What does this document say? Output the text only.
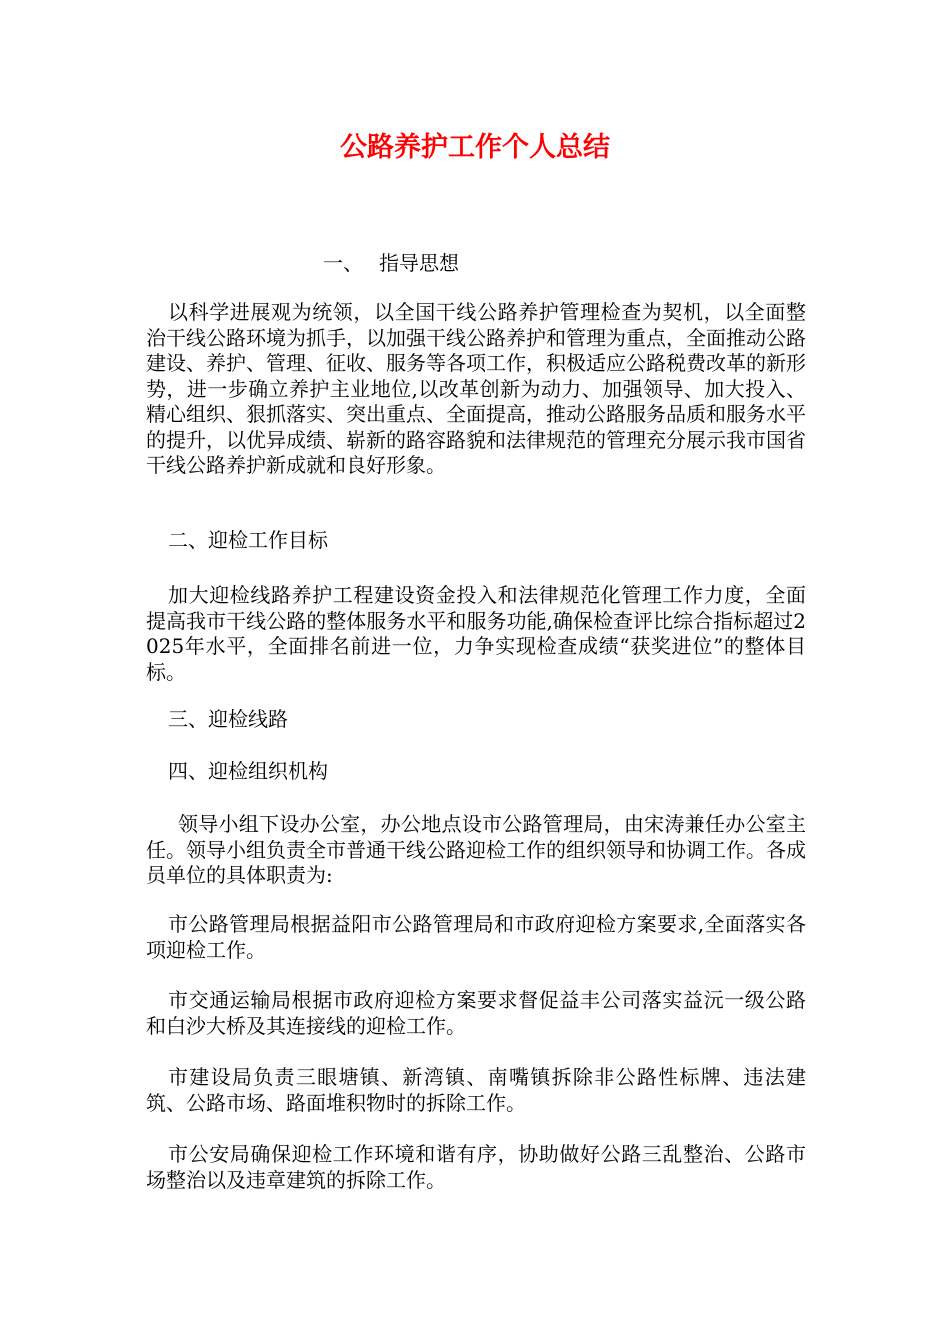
公路养护工作个人总结
一、 指导思想

以科学进展观为统领，以全国干线公路养护管理检查为契机，以全面整治干线公路环境为抓手，以加强干线公路养护和管理为重点，全面推动公路建设、养护、管理、征收、服务等各项工作，积极适应公路税费改革的新形势，进一步确立养护主业地位,以改革创新为动力、加强领导、加大投入、精心组织、狠抓落实、突出重点、全面提高，推动公路服务品质和服务水平的提升，以优异成绩、崭新的路容路貌和法律规范的管理充分展示我市国省干线公路养护新成就和良好形象。

二、迎检工作目标

加大迎检线路养护工程建设资金投入和法律规范化管理工作力度，全面提高我市干线公路的整体服务水平和服务功能,确保检查评比综合指标超过2025年水平，全面排名前进一位，力争实现检查成绩“获奖进位”的整体目标。

三、迎检线路

四、迎检组织机构

领导小组下设办公室，办公地点设市公路管理局，由宋涛兼任办公室主任。领导小组负责全市普通干线公路迎检工作的组织领导和协调工作。各成员单位的具体职责为:

市公路管理局根据益阳市公路管理局和市政府迎检方案要求,全面落实各项迎检工作。

市交通运输局根据市政府迎检方案要求督促益丰公司落实益沅一级公路和白沙大桥及其连接线的迎检工作。

市建设局负责三眼塘镇、新湾镇、南嘴镇拆除非公路性标牌、违法建筑、公路市场、路面堆积物时的拆除工作。

市公安局确保迎检工作环境和谐有序，协助做好公路三乱整治、公路市场整治以及违章建筑的拆除工作。
